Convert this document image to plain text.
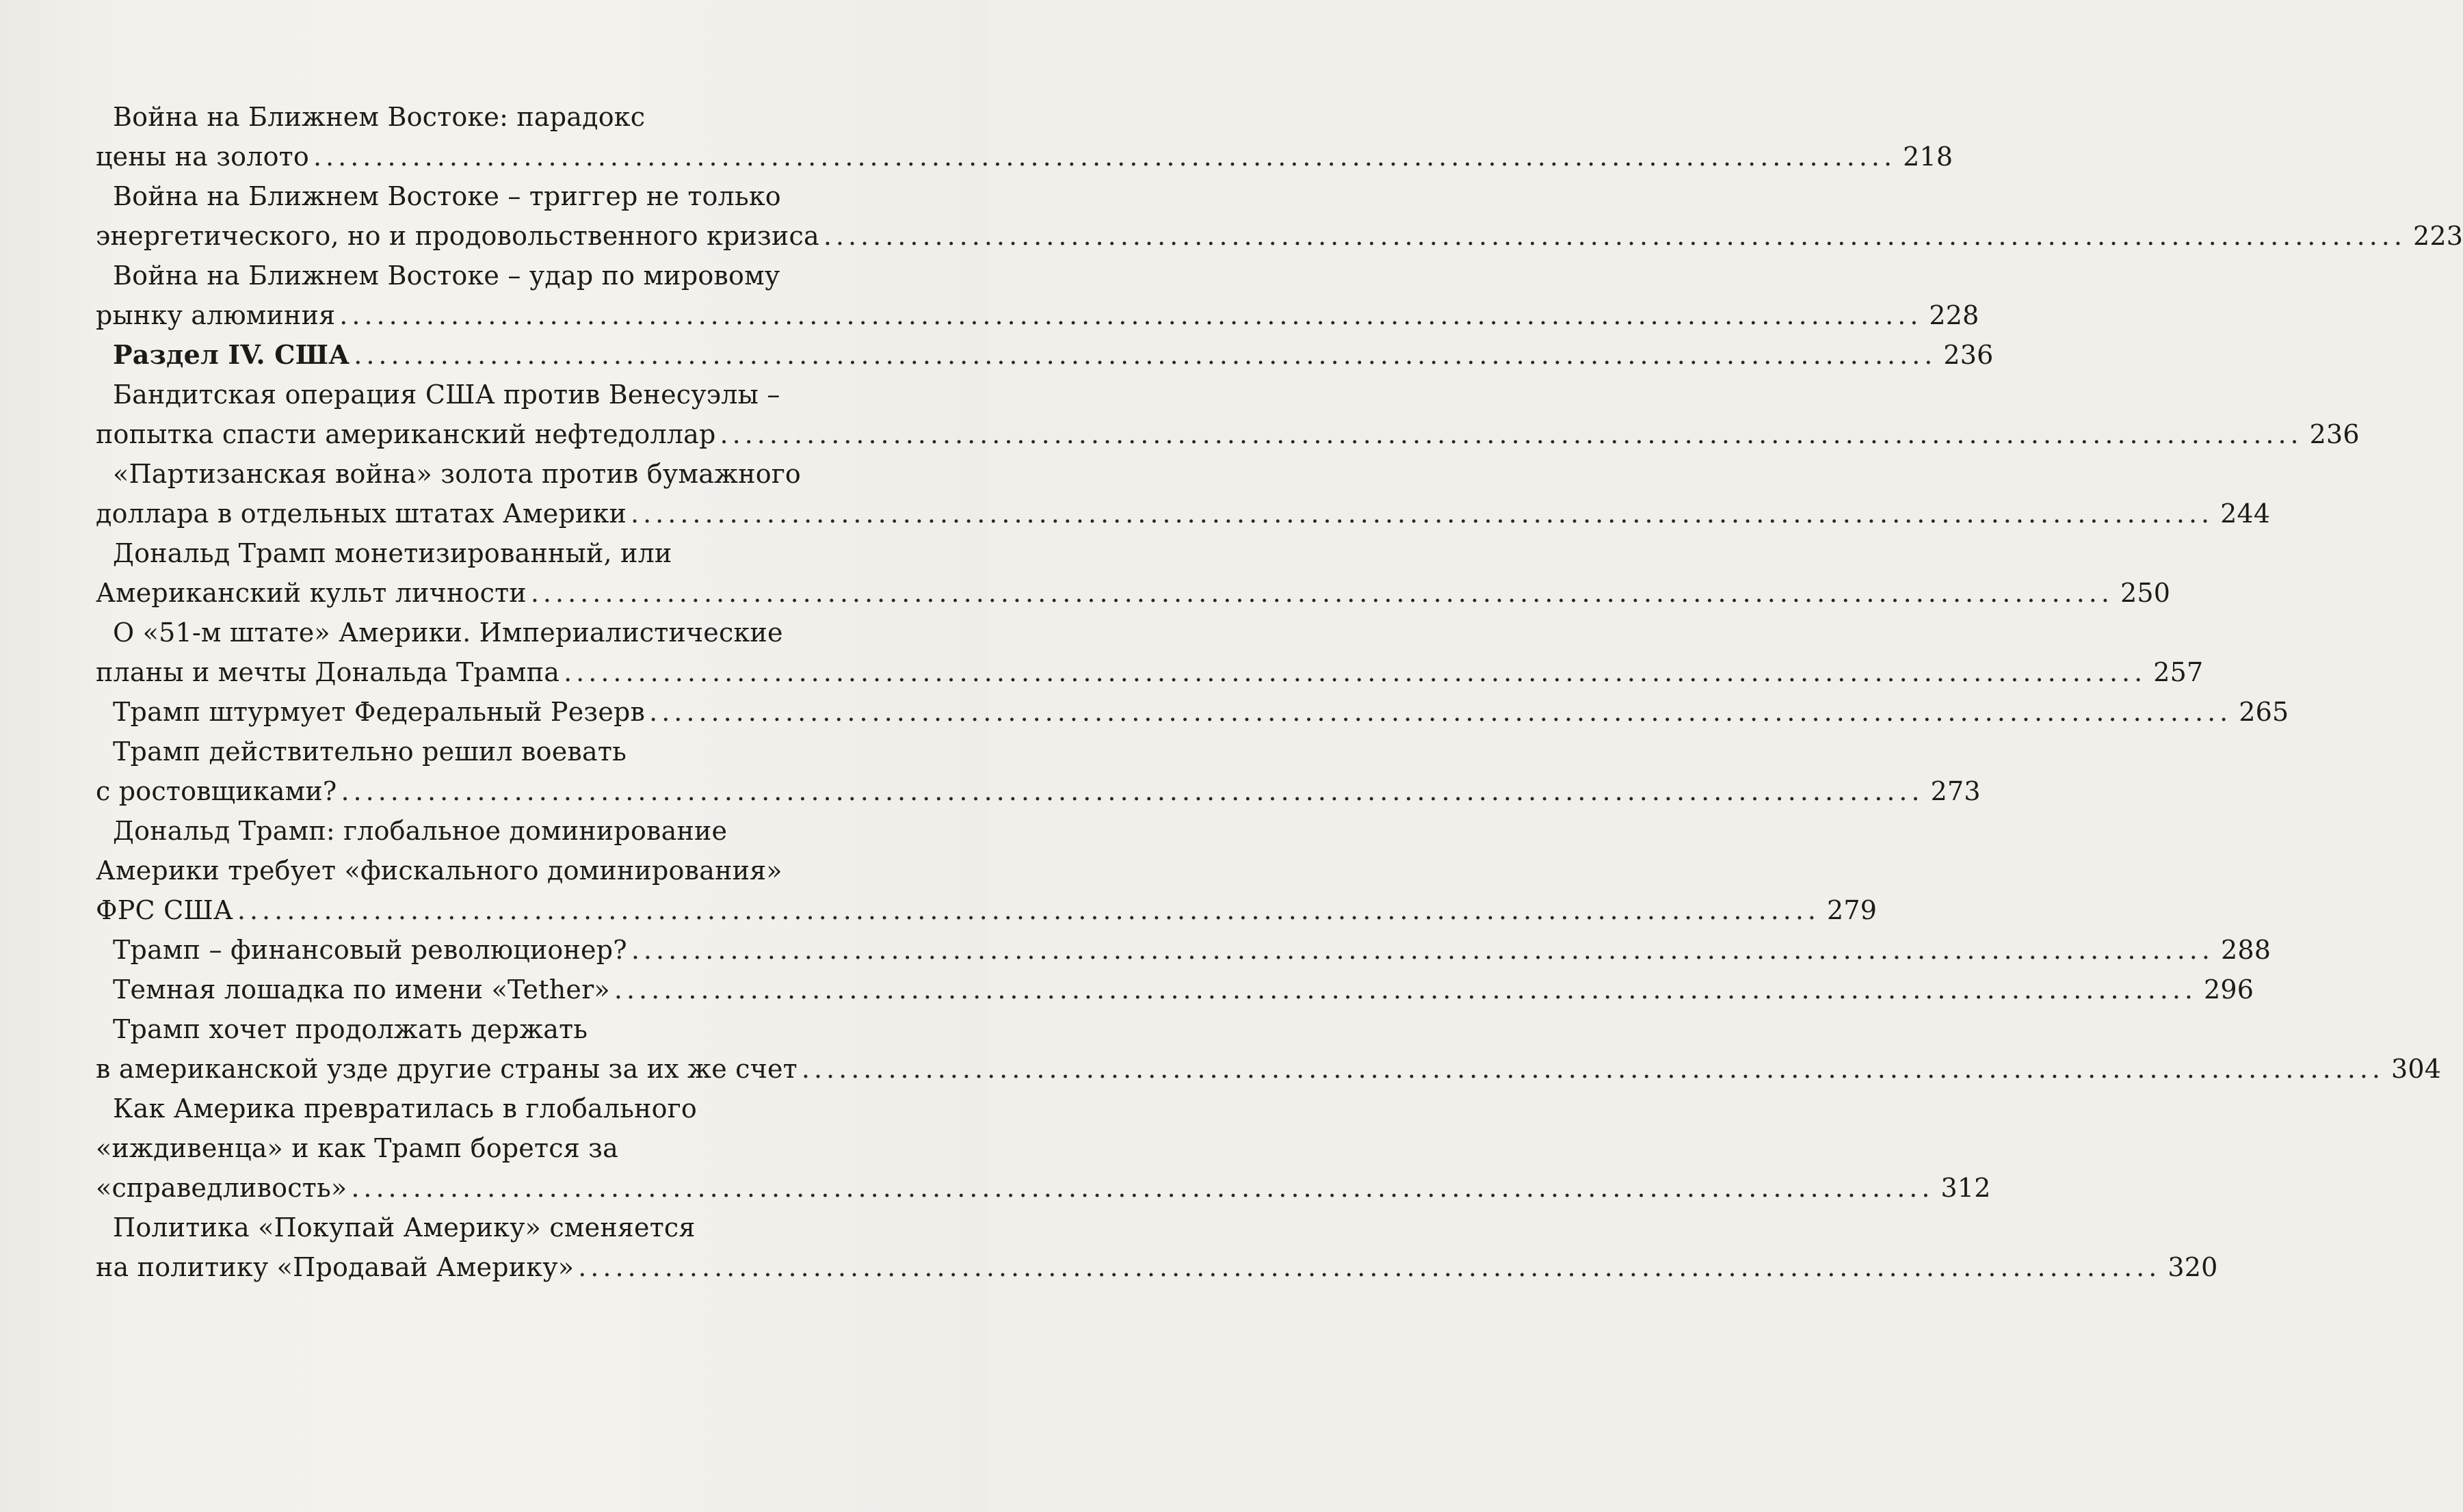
Война на Ближнем Востоке: парадокс
цены на золото ................................................................................................................................ 218
Война на Ближнем Востоке – триггер не только
энергетического, но и продовольственного кризиса ................................................................................................................................ 223
Война на Ближнем Востоке – удар по мировому
рынку алюминия ................................................................................................................................ 228
Раздел IV. США ................................................................................................................................ 236
Бандитская операция США против Венесуэлы –
попытка спасти американский нефтедоллар ................................................................................................................................ 236
«Партизанская война» золота против бумажного
доллара в отдельных штатах Америки ................................................................................................................................ 244
Дональд Трамп монетизированный, или
Американский культ личности ................................................................................................................................ 250
О «51-м штате» Америки. Империалистические
планы и мечты Дональда Трампа ................................................................................................................................ 257
Трамп штурмует Федеральный Резерв ................................................................................................................................ 265
Трамп действительно решил воевать
с ростовщиками? ................................................................................................................................ 273
Дональд Трамп: глобальное доминирование
Америки требует «фискального доминирования»
ФРС США ................................................................................................................................ 279
Трамп – финансовый революционер? ................................................................................................................................ 288
Темная лошадка по имени «Tether» ................................................................................................................................ 296
Трамп хочет продолжать держать
в американской узде другие страны за их же счет ................................................................................................................................ 304
Как Америка превратилась в глобального
«иждивенца» и как Трамп борется за
«справедливость» ................................................................................................................................ 312
Политика «Покупай Америку» сменяется
на политику «Продавай Америку» ................................................................................................................................ 320
